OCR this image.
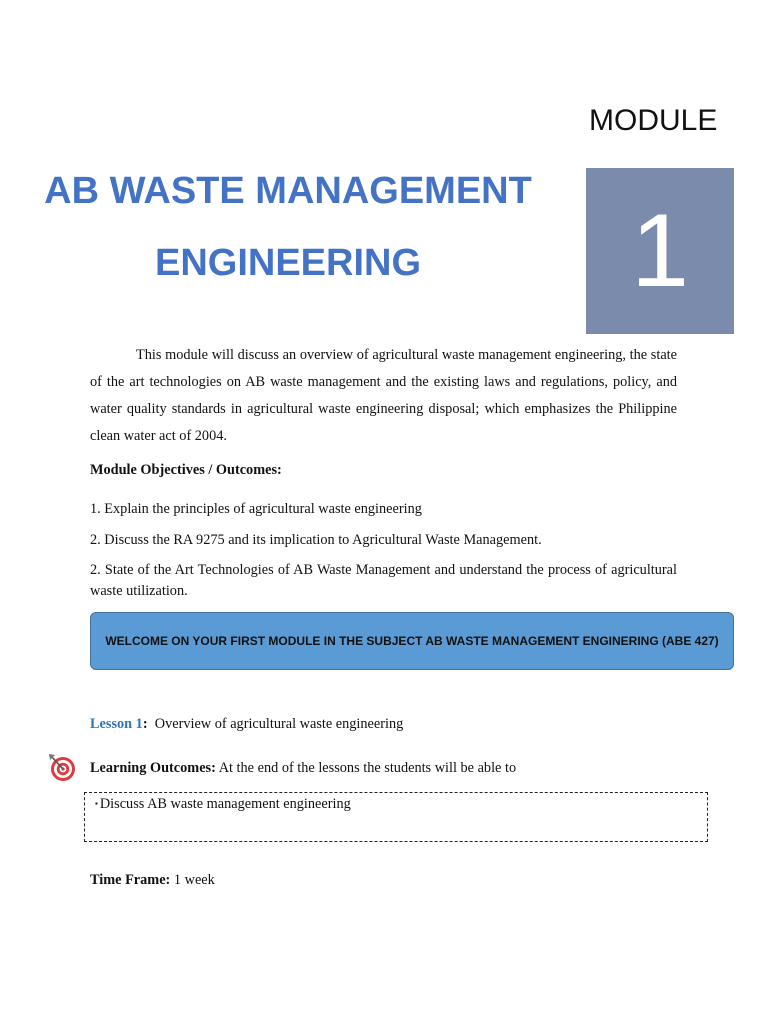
MODULE
1
AB WASTE MANAGEMENT
ENGINEERING

This module will discuss an overview of agricultural waste management engineering, the state of the art technologies on AB waste management and the existing laws and regulations, policy, and water quality standards in agricultural waste engineering disposal; which emphasizes the Philippine clean water act of 2004.

Module Objectives / Outcomes:

1. Explain the principles of agricultural waste engineering

2. Discuss the RA 9275 and its implication to Agricultural Waste Management.

2. State of the Art Technologies of AB Waste Management and understand the process of agricultural waste utilization.

WELCOME ON YOUR FIRST MODULE IN THE SUBJECT AB WASTE MANAGEMENT ENGINERING (ABE 427)
Lesson 1: Overview of agricultural waste engineering
Learning Outcomes: At the end of the lessons the students will be able to
▪ Discuss AB waste management engineering
Time Frame: 1 week
